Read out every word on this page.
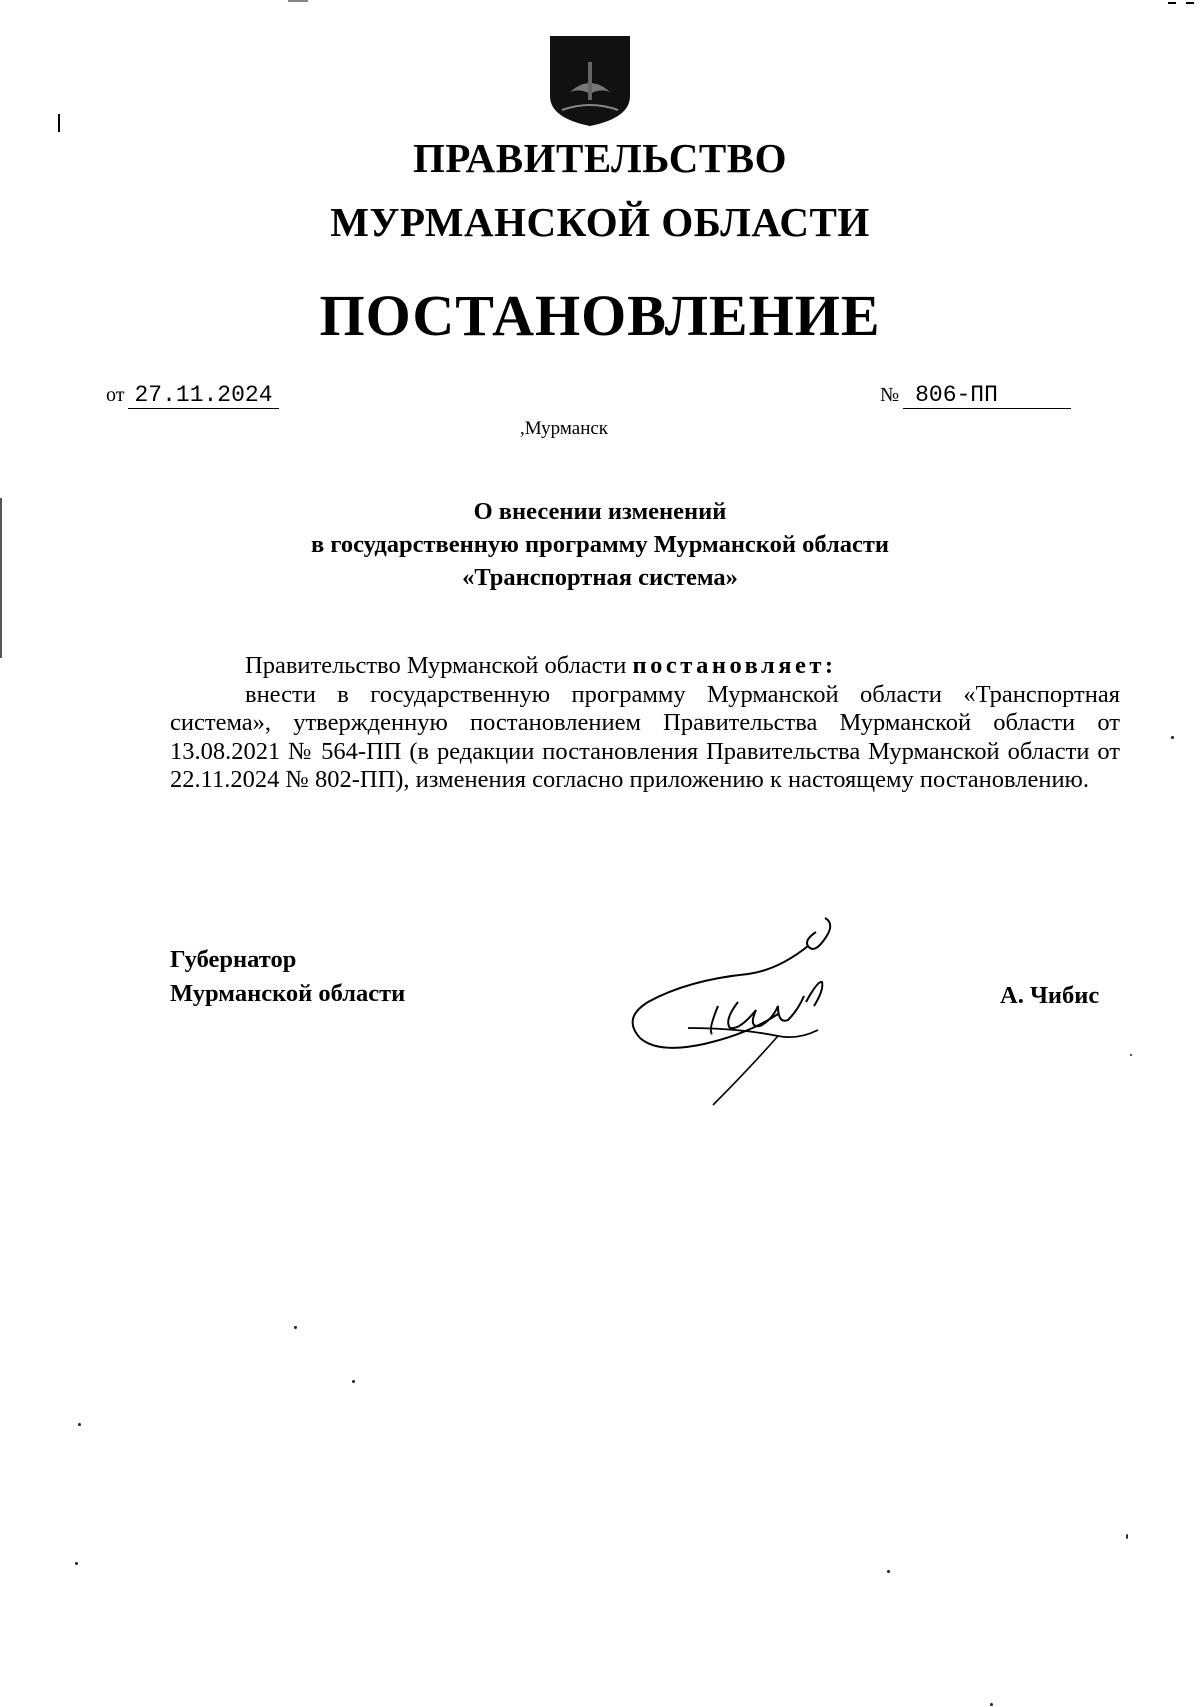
ПРАВИТЕЛЬСТВО
МУРМАНСКОЙ ОБЛАСТИ
ПОСТАНОВЛЕНИЕ
от 27.11.2024	№ 806-ПП
,Мурманск
О внесении изменений
в государственную программу Мурманской области
«Транспортная система»

Правительство Мурманской области постановляет:

внести в государственную программу Мурманской области «Транспортная система», утвержденную постановлением Правительства Мурманской области от 13.08.2021 № 564-ПП (в редакции постановления Правительства Мурманской области от 22.11.2024 № 802-ПП), изменения согласно приложению к настоящему постановлению.

Губернатор
Мурманской области	А. Чибис
